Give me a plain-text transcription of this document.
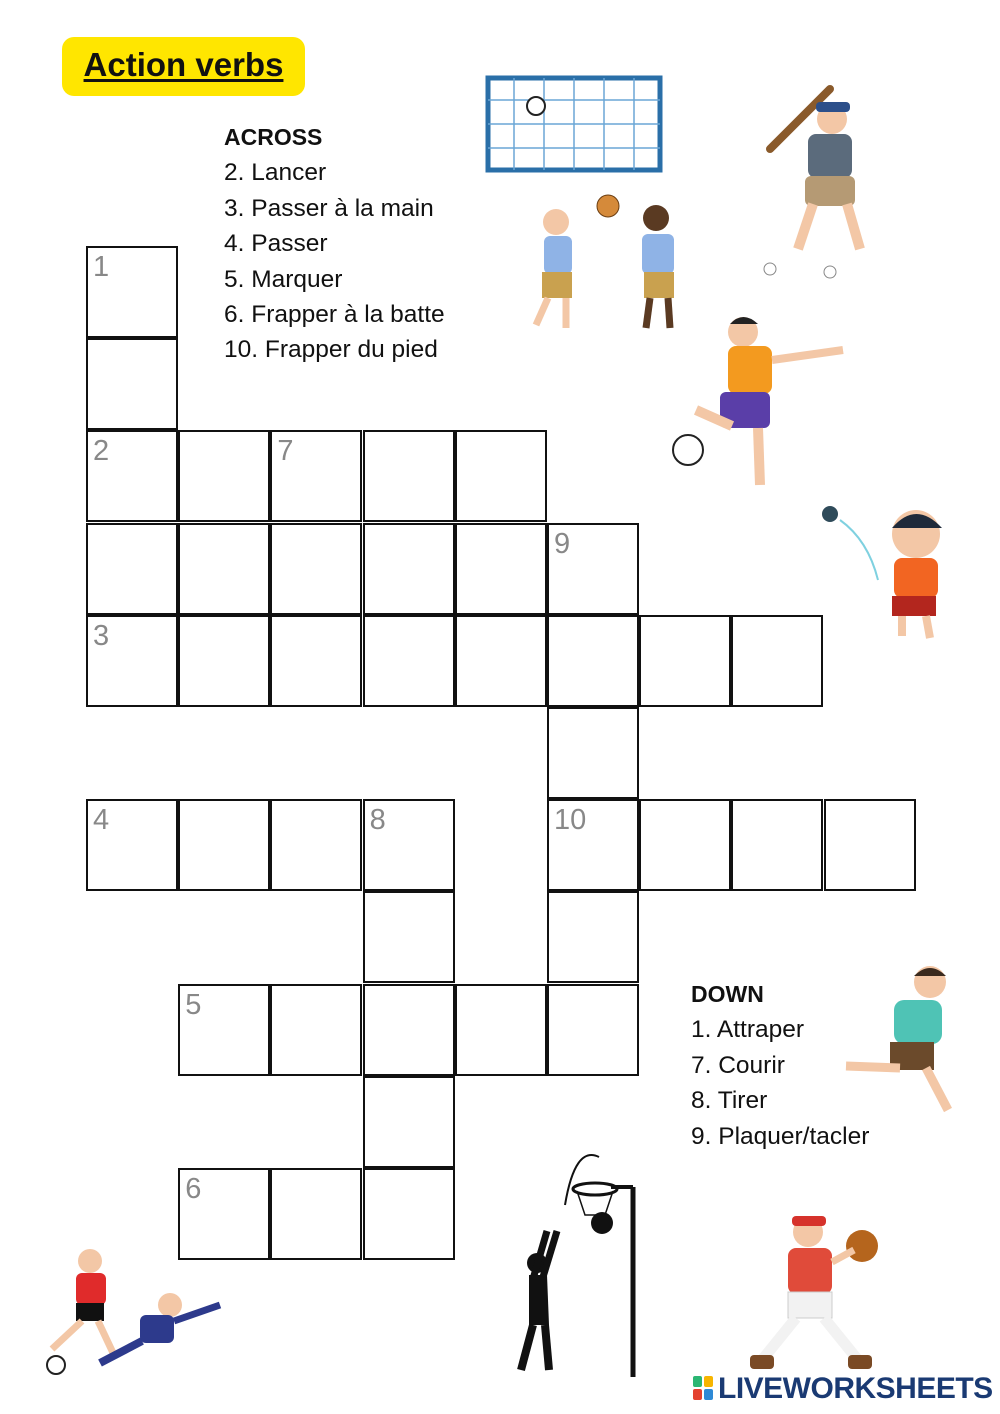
Action verbs
ACROSS
2. Lancer
3. Passer à la main
4. Passer
5. Marquer
6. Frapper à la batte
10. Frapper du pied
DOWN
1. Attraper
7. Courir
8. Tirer
9. Plaquer/tacler
1
2	7
9
3
4	8	10
5
6
LIVEWORKSHEETS
